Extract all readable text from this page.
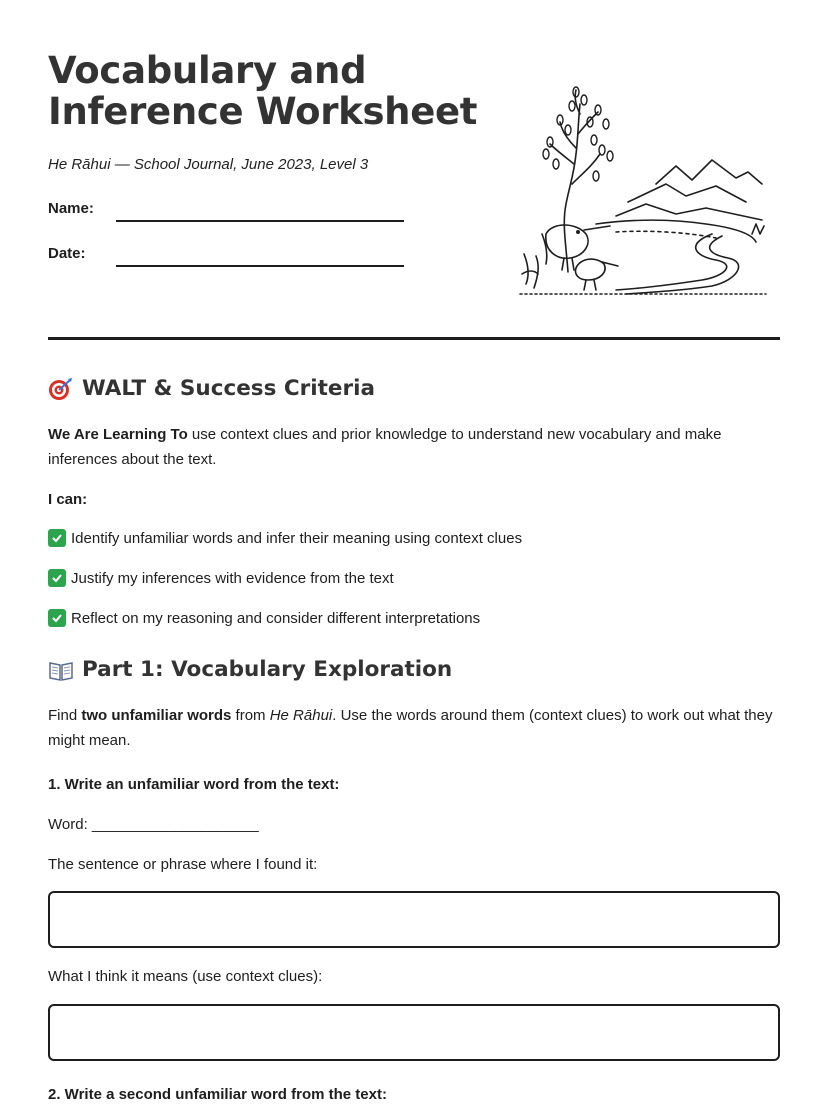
Vocabulary and
Inference Worksheet
He Rāhui — School Journal, June 2023, Level 3
Name:
Date:
WALT & Success Criteria
We Are Learning To use context clues and prior knowledge to understand new vocabulary and make inferences about the text.
I can:
Identify unfamiliar words and infer their meaning using context clues
Justify my inferences with evidence from the text
Reflect on my reasoning and consider different interpretations
Part 1: Vocabulary Exploration
Find two unfamiliar words from He Rāhui. Use the words around them (context clues) to work out what they might mean.
1. Write an unfamiliar word from the text:
Word: ____________________
The sentence or phrase where I found it:
What I think it means (use context clues):
2. Write a second unfamiliar word from the text:
